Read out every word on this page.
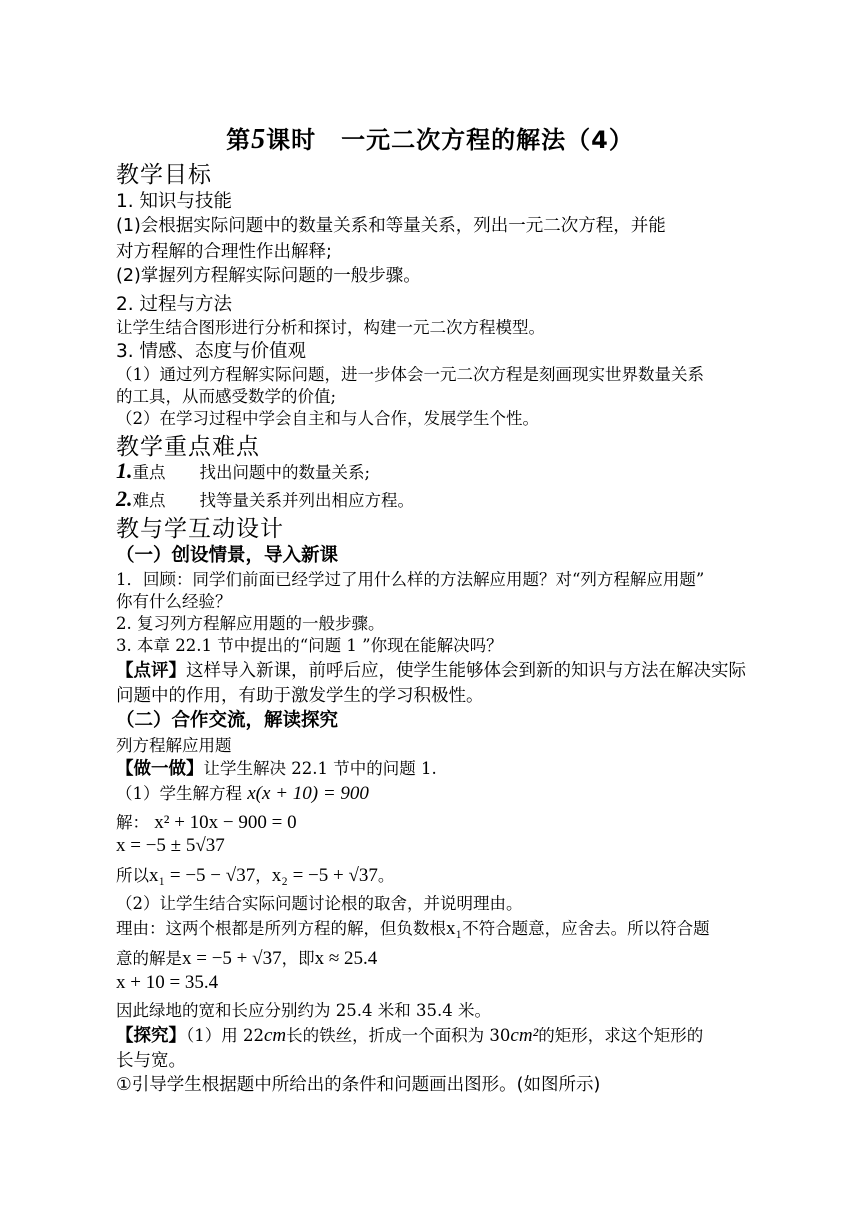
第5课时　一元二次方程的解法（4）
教学目标
1. 知识与技能
(1)会根据实际问题中的数量关系和等量关系，列出一元二次方程，并能
对方程解的合理性作出解释;
(2)掌握列方程解实际问题的一般步骤。
2. 过程与方法
让学生结合图形进行分析和探讨，构建一元二次方程模型。
3. 情感、态度与价值观
（1）通过列方程解实际问题，进一步体会一元二次方程是刻画现实世界数量关系
的工具，从而感受数学的价值;
（2）在学习过程中学会自主和与人合作，发展学生个性。
教学重点难点
1.重点 找出问题中的数量关系;
2.难点 找等量关系并列出相应方程。
教与学互动设计
（一）创设情景，导入新课
1．回顾：同学们前面已经学过了用什么样的方法解应用题？对“列方程解应用题”
你有什么经验？
2. 复习列方程解应用题的一般步骤。
3. 本章 22.1 节中提出的“问题 1 ”你现在能解决吗？
【点评】这样导入新课，前呼后应，使学生能够体会到新的知识与方法在解决实际
问题中的作用，有助于激发学生的学习积极性。
（二）合作交流，解读探究
列方程解应用题
【做一做】让学生解决 22.1 节中的问题 1.
（1）学生解方程 x(x + 10) = 900
解： x² + 10x − 900 = 0
x = −5 ± 5√37
所以x₁ = −5 − √37，x₂ = −5 + √37。
（2）让学生结合实际问题讨论根的取舍，并说明理由。
理由：这两个根都是所列方程的解，但负数根x₁不符合题意，应舍去。所以符合题
意的解是x = −5 + √37，即x ≈ 25.4
x + 10 = 35.4
因此绿地的宽和长应分别约为 25.4 米和 35.4 米。
【探究】（1）用 22cm长的铁丝，折成一个面积为 30cm²的矩形，求这个矩形的
长与宽。
①引导学生根据题中所给出的条件和问题画出图形。(如图所示)
